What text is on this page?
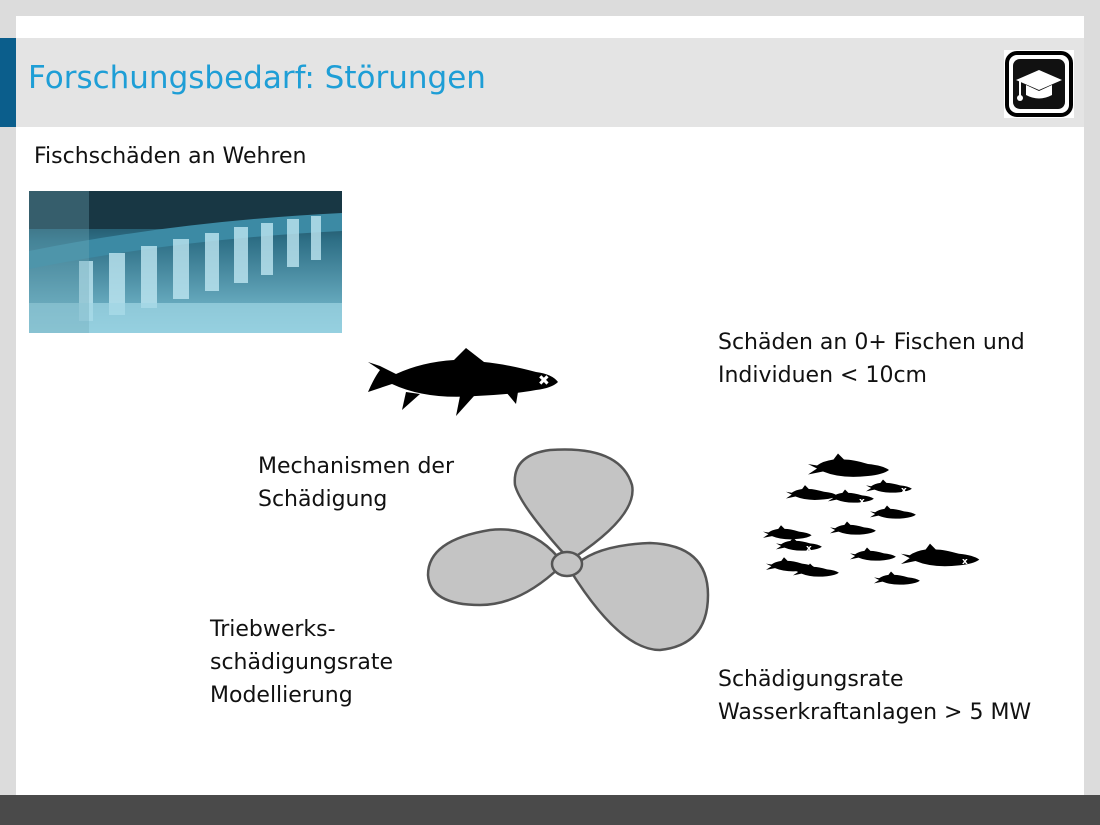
Forschungsbedarf: Störungen
Fischschäden an Wehren
✖
Schäden an 0+ Fischen und
Individuen < 10cm
Mechanismen der
Schädigung
Triebwerks-
schädigungsrate
Modellierung
Schädigungsrate
Wasserkraftanlagen > 5 MW
x
x
x
x
